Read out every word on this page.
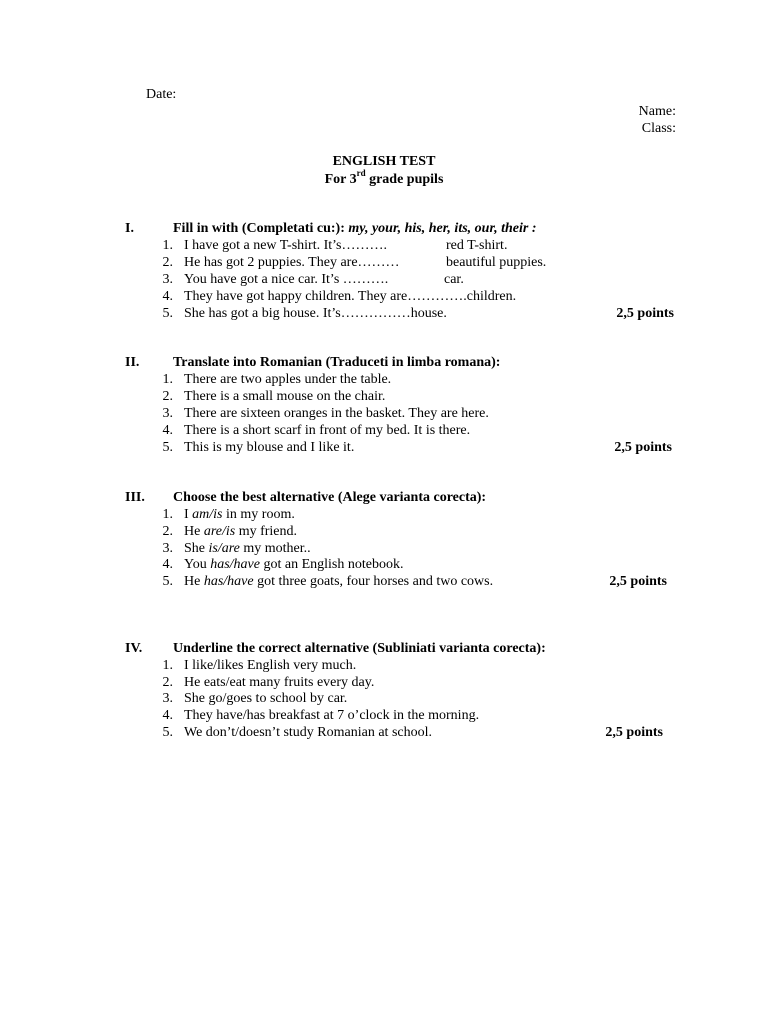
Date:
Name:
Class:
ENGLISH TEST
For 3rd grade pupils
I.	Fill in with (Completati cu:): my, your, his, her, its, our, their :
1. I have got a new T-shirt. It’s……….	red T-shirt.
2. He has got 2 puppies. They are………	beautiful puppies.
3. You have got a nice car. It’s ……….	car.
4. They have got happy children. They are………….children.
5. She has got a big house. It’s……………house.	2,5 points
II. Translate into Romanian (Traduceti in limba romana):
1. There are two apples under the table.
2. There is a small mouse on the chair.
3. There are sixteen oranges in the basket. They are here.
4. There is a short scarf in front of my bed. It is there.
5. This is my blouse and I like it.	2,5 points
III. Choose the best alternative (Alege varianta corecta):
1. I am/is in my room.
2. He are/is my friend.
3. She is/are my mother..
4. You has/have got an English notebook.
5. He has/have got three goats, four horses and two cows.	2,5 points
IV. Underline the correct alternative (Subliniati varianta corecta):
1. I like/likes English very much.
2. He eats/eat many fruits every day.
3. She go/goes to school by car.
4. They have/has breakfast at 7 o’clock in the morning.
5. We don’t/doesn’t study Romanian at school.	2,5 points
